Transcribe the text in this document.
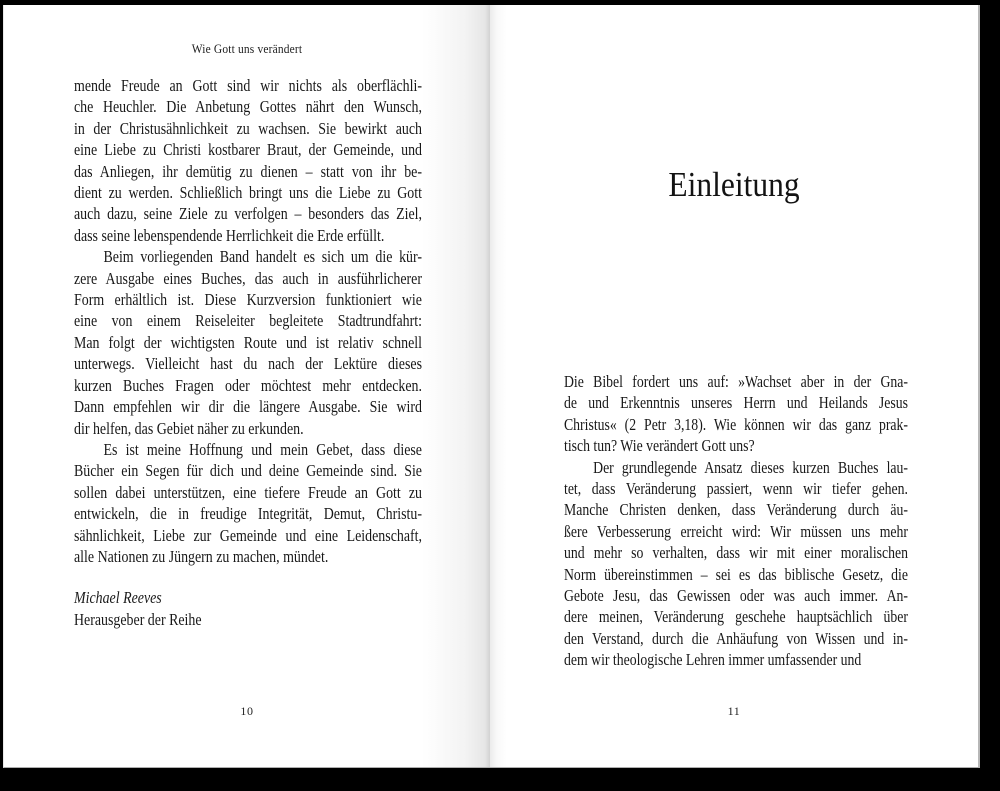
Wie Gott uns verändert
mende Freude an Gott sind wir nichts als oberflächli-
che Heuchler. Die Anbetung Gottes nährt den Wunsch,
in der Christusähnlichkeit zu wachsen. Sie bewirkt auch
eine Liebe zu Christi kostbarer Braut, der Gemeinde, und
das Anliegen, ihr demütig zu dienen – statt von ihr be-
dient zu werden. Schließlich bringt uns die Liebe zu Gott
auch dazu, seine Ziele zu verfolgen – besonders das Ziel,
dass seine lebenspendende Herrlichkeit die Erde erfüllt.
Beim vorliegenden Band handelt es sich um die kür-
zere Ausgabe eines Buches, das auch in ausführlicherer
Form erhältlich ist. Diese Kurzversion funktioniert wie
eine von einem Reiseleiter begleitete Stadtrundfahrt:
Man folgt der wichtigsten Route und ist relativ schnell
unterwegs. Vielleicht hast du nach der Lektüre dieses
kurzen Buches Fragen oder möchtest mehr entdecken.
Dann empfehlen wir dir die längere Ausgabe. Sie wird
dir helfen, das Gebiet näher zu erkunden.
Es ist meine Hoffnung und mein Gebet, dass diese
Bücher ein Segen für dich und deine Gemeinde sind. Sie
sollen dabei unterstützen, eine tiefere Freude an Gott zu
entwickeln, die in freudige Integrität, Demut, Christu-
sähnlichkeit, Liebe zur Gemeinde und eine Leidenschaft,
alle Nationen zu Jüngern zu machen, mündet.
Michael Reeves
Herausgeber der Reihe
10
Einleitung
Die Bibel fordert uns auf: »Wachset aber in der Gna-
de und Erkenntnis unseres Herrn und Heilands Jesus
Christus« (2 Petr 3,18). Wie können wir das ganz prak-
tisch tun? Wie verändert Gott uns?
Der grundlegende Ansatz dieses kurzen Buches lau-
tet, dass Veränderung passiert, wenn wir tiefer gehen.
Manche Christen denken, dass Veränderung durch äu-
ßere Verbesserung erreicht wird: Wir müssen uns mehr
und mehr so verhalten, dass wir mit einer moralischen
Norm übereinstimmen – sei es das biblische Gesetz, die
Gebote Jesu, das Gewissen oder was auch immer. An-
dere meinen, Veränderung geschehe hauptsächlich über
den Verstand, durch die Anhäufung von Wissen und in-
dem wir theologische Lehren immer umfassender und
11
